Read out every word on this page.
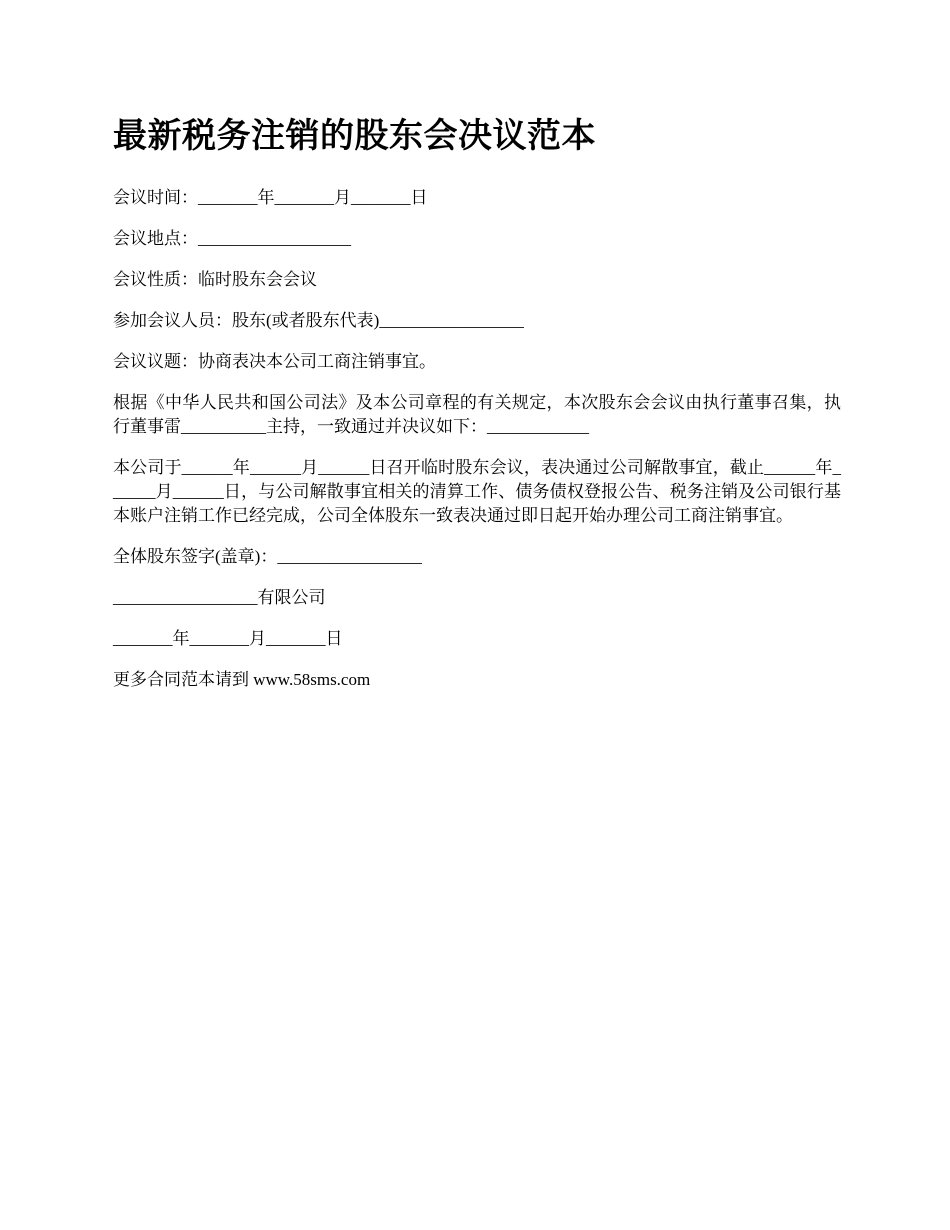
最新税务注销的股东会决议范本

会议时间：_______年_______月_______日

会议地点：__________________

会议性质：临时股东会会议

参加会议人员：股东(或者股东代表)_________________

会议议题：协商表决本公司工商注销事宜。

根据《中华人民共和国公司法》及本公司章程的有关规定，本次股东会会议由执行董事召集，执行董事雷__________主持，一致通过并决议如下：____________

本公司于______年______月______日召开临时股东会议，表决通过公司解散事宜，截止______年______月______日，与公司解散事宜相关的清算工作、债务债权登报公告、税务注销及公司银行基本账户注销工作已经完成，公司全体股东一致表决通过即日起开始办理公司工商注销事宜。

全体股东签字(盖章)：_________________

_________________有限公司

_______年_______月_______日

更多合同范本请到 www.58sms.com
